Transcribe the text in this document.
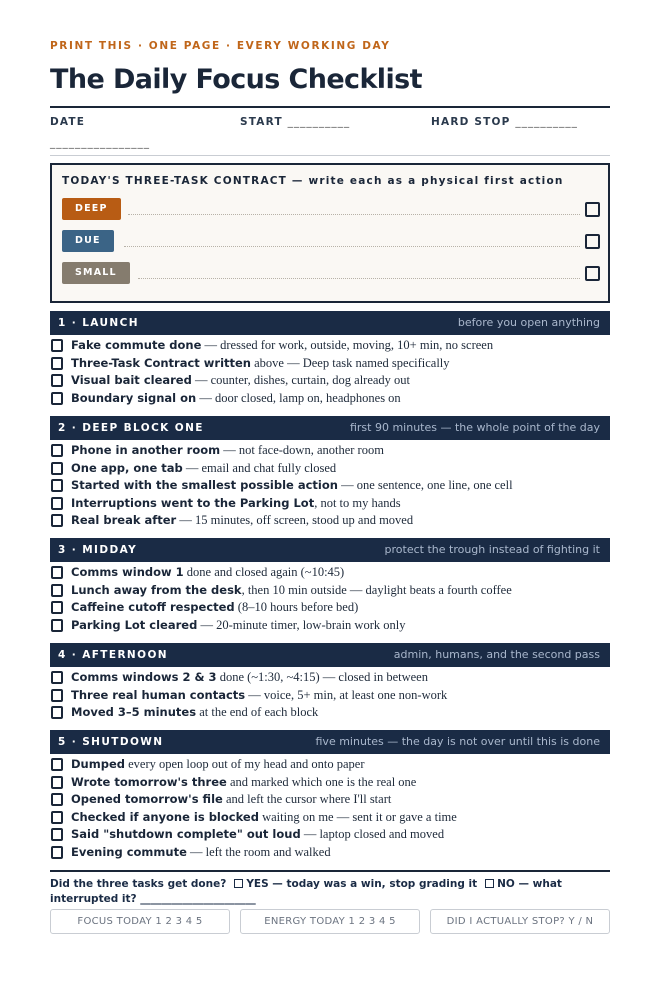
PRINT THIS · ONE PAGE · EVERY WORKING DAY
The Daily Focus Checklist
DATE
________________
START __________	HARD STOP __________
TODAY'S THREE-TASK CONTRACT — write each as a physical first action
DEEP
DUE
SMALL
1 · LAUNCH	before you open anything
Fake commute done — dressed for work, outside, moving, 10+ min, no screen
Three-Task Contract written above — Deep task named specifically
Visual bait cleared — counter, dishes, curtain, dog already out
Boundary signal on — door closed, lamp on, headphones on
2 · DEEP BLOCK ONE	first 90 minutes — the whole point of the day
Phone in another room — not face-down, another room
One app, one tab — email and chat fully closed
Started with the smallest possible action — one sentence, one line, one cell
Interruptions went to the Parking Lot, not to my hands
Real break after — 15 minutes, off screen, stood up and moved
3 · MIDDAY	protect the trough instead of fighting it
Comms window 1 done and closed again (~10:45)
Lunch away from the desk, then 10 min outside — daylight beats a fourth coffee
Caffeine cutoff respected (8–10 hours before bed)
Parking Lot cleared — 20-minute timer, low-brain work only
4 · AFTERNOON	admin, humans, and the second pass
Comms windows 2 & 3 done (~1:30, ~4:15) — closed in between
Three real human contacts — voice, 5+ min, at least one non-work
Moved 3–5 minutes at the end of each block
5 · SHUTDOWN	five minutes — the day is not over until this is done
Dumped every open loop out of my head and onto paper
Wrote tomorrow's three and marked which one is the real one
Opened tomorrow's file and left the cursor where I'll start
Checked if anyone is blocked waiting on me — sent it or gave a time
Said "shutdown complete" out loud — laptop closed and moved
Evening commute — left the room and walked
Did the three tasks get done? YES — today was a win, stop grading it NO — what interrupted it? ______________________
FOCUS TODAY 1 2 3 4 5	ENERGY TODAY 1 2 3 4 5	DID I ACTUALLY STOP? Y / N
